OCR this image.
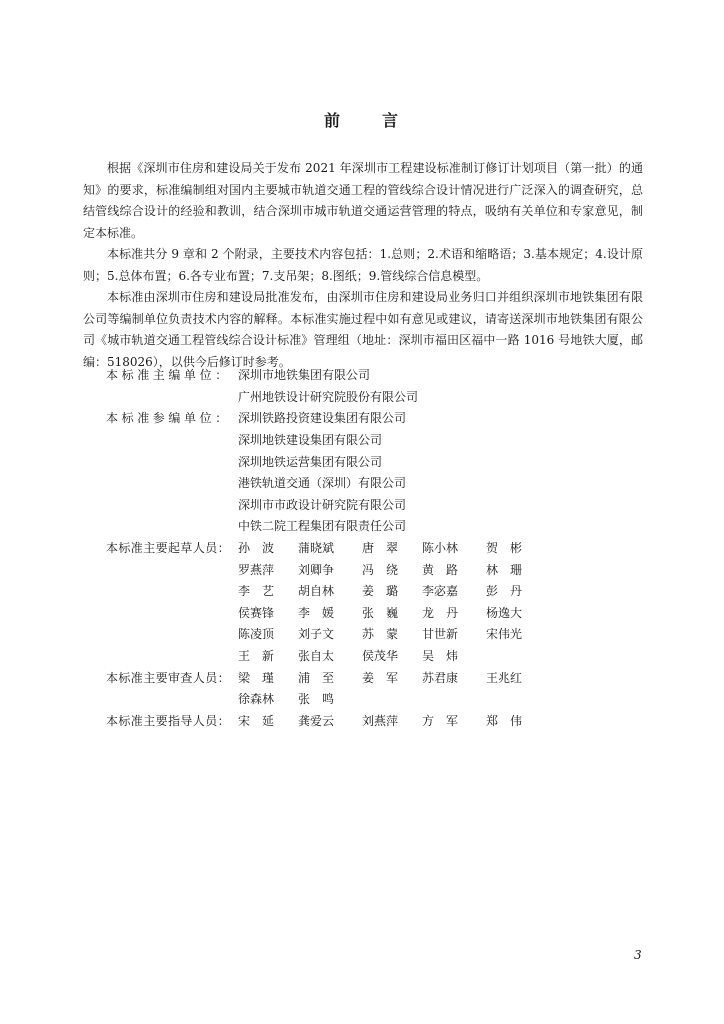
前	言

根据《深圳市住房和建设局关于发布 2021 年深圳市工程建设标准制订修订计划项目（第一批）的通知》的要求，标准编制组对国内主要城市轨道交通工程的管线综合设计情况进行广泛深入的调查研究，总结管线综合设计的经验和教训，结合深圳市城市轨道交通运营管理的特点，吸纳有关单位和专家意见，制定本标准。

本标准共分 9 章和 2 个附录，主要技术内容包括：1.总则；2.术语和缩略语；3.基本规定；4.设计原则；5.总体布置；6.各专业布置；7.支吊架；8.图纸；9.管线综合信息模型。

本标准由深圳市住房和建设局批准发布，由深圳市住房和建设局业务归口并组织深圳市地铁集团有限公司等编制单位负责技术内容的解释。本标准实施过程中如有意见或建议，请寄送深圳市地铁集团有限公司《城市轨道交通工程管线综合设计标准》管理组（地址：深圳市福田区福中一路 1016 号地铁大厦，邮编：518026），以供今后修订时参考。

本标准主编单位： 深圳市地铁集团有限公司
广州地铁设计研究院股份有限公司
本标准参编单位： 深圳铁路投资建设集团有限公司
深圳地铁建设集团有限公司
深圳地铁运营集团有限公司
港铁轨道交通（深圳）有限公司
深圳市市政设计研究院有限公司
中铁二院工程集团有限责任公司
本标准主要起草人员： 孙　波	蒲晓斌	唐　翠	陈小林	贺　彬
罗燕萍	刘卿争	冯　绕	黄　路	林　珊
李　艺	胡自林	姜　璐	李宓嘉	彭　丹
侯赛锋	李　媛	张　巍	龙　丹	杨逸大
陈凌顶	刘子文	苏　蒙	甘世新	宋伟光
王　新	张自太	侯茂华	吴　炜
本标准主要审查人员： 梁　瑾	浦　至	姜　军	苏君康	王兆红
徐森林	张　鸣
本标准主要指导人员： 宋　延	龚爱云	刘燕萍	方　军	郑　伟
3
